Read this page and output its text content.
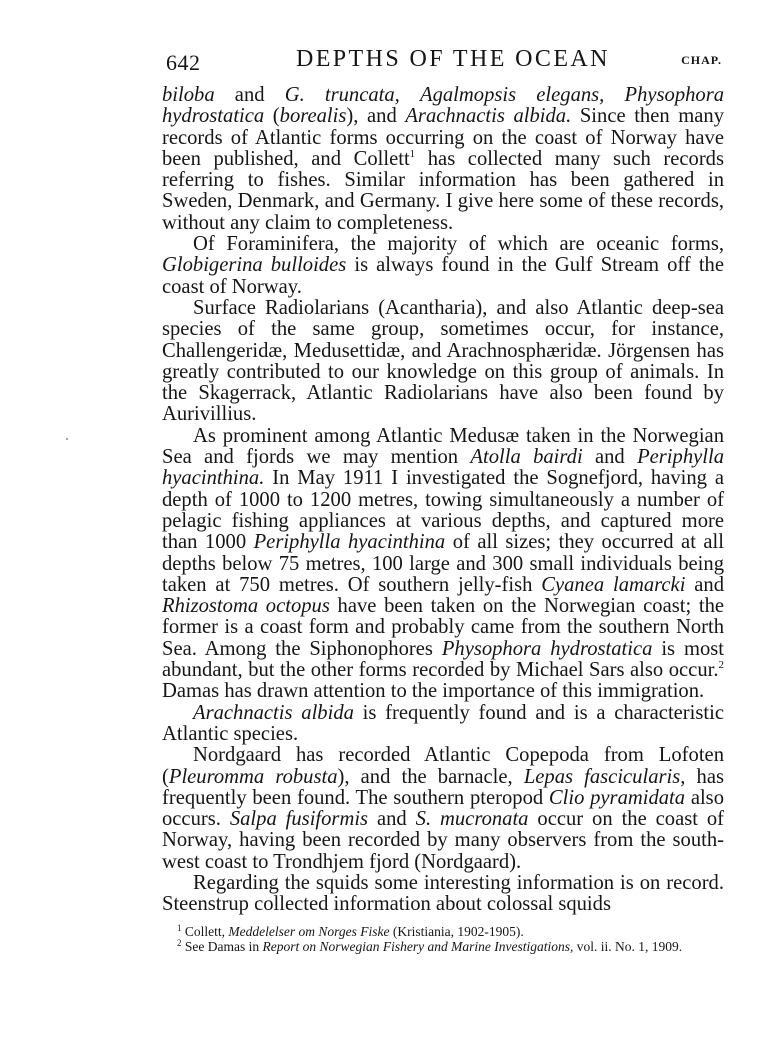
642	DEPTHS OF THE OCEAN	CHAP.

biloba and G. truncata, Agalmopsis elegans, Physophora hydrostatica (borealis), and Arachnactis albida. Since then many records of Atlantic forms occurring on the coast of Norway have been published, and Collett$^1$ has collected many such records referring to fishes. Similar information has been gathered in Sweden, Denmark, and Germany. I give here some of these records, without any claim to completeness.

Of Foraminifera, the majority of which are oceanic forms, Globigerina bulloides is always found in the Gulf Stream off the coast of Norway.

Surface Radiolarians (Acantharia), and also Atlantic deep-sea species of the same group, sometimes occur, for instance, Challengeridæ, Medusettidæ, and Arachnosphæridæ. Jörgensen has greatly contributed to our knowledge on this group of animals. In the Skagerrack, Atlantic Radiolarians have also been found by Aurivillius.

As prominent among Atlantic Medusæ taken in the Norwegian Sea and fjords we may mention Atolla bairdi and Periphylla hyacinthina. In May 1911 I investigated the Sognefjord, having a depth of 1000 to 1200 metres, towing simultaneously a number of pelagic fishing appliances at various depths, and captured more than 1000 Periphylla hyacinthina of all sizes; they occurred at all depths below 75 metres, 100 large and 300 small individuals being taken at 750 metres. Of southern jelly-fish Cyanea lamarcki and Rhizostoma octopus have been taken on the Norwegian coast; the former is a coast form and probably came from the southern North Sea. Among the Siphonophores Physophora hydrostatica is most abundant, but the other forms recorded by Michael Sars also occur.$^2$ Damas has drawn attention to the importance of this immigration.

Arachnactis albida is frequently found and is a characteristic Atlantic species.

Nordgaard has recorded Atlantic Copepoda from Lofoten (Pleuromma robusta), and the barnacle, Lepas fascicularis, has frequently been found. The southern pteropod Clio pyramidata also occurs. Salpa fusiformis and S. mucronata occur on the coast of Norway, having been recorded by many observers from the south-west coast to Trondhjem fjord (Nordgaard).

Regarding the squids some interesting information is on record. Steenstrup collected information about colossal squids

$^1$ Collett, Meddelelser om Norges Fiske (Kristiania, 1902-1905).

$^2$ See Damas in Report on Norwegian Fishery and Marine Investigations, vol. ii. No. 1, 1909.
